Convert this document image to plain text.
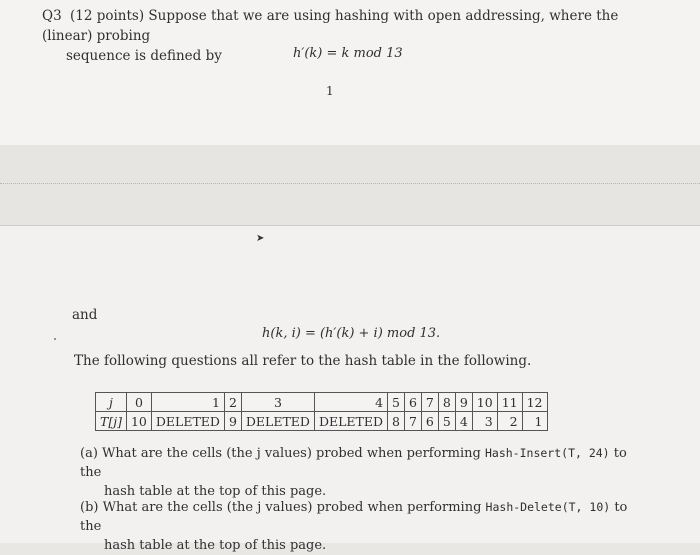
Q3 (12 points) Suppose that we are using hashing with open addressing, where the (linear) probing
sequence is defined by	h′(k) = k mod 13
1
➤
and
h(k, i) = (h′(k) + i) mod 13.
The following questions all refer to the hash table in the following.
j	0	1	2	3	4	5	6	7	8	9	10	11	12
T[j]	10	DELETED	9	DELETED	DELETED	8	7	6	5	4	3	2	1
(a) What are the cells (the j values) probed when performing Hash-Insert(T, 24) to the
hash table at the top of this page.
(b) What are the cells (the j values) probed when performing Hash-Delete(T, 10) to the
hash table at the top of this page.
